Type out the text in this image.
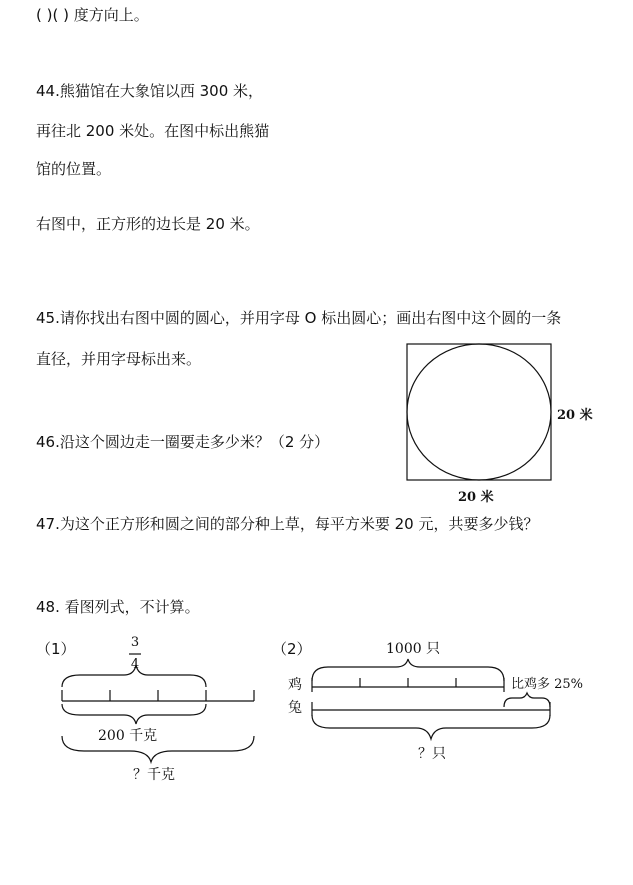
( )( ) 度方向上。
44.熊猫馆在大象馆以西 300 米，
再往北 200 米处。在图中标出熊猫
馆的位置。
右图中，正方形的边长是 20 米。
45.请你找出右图中圆的圆心，并用字母 O 标出圆心；画出右图中这个圆的一条
直径，并用字母标出来。
46.沿这个圆边走一圈要走多少米？（2 分）
20 米
20 米
47.为这个正方形和圆之间的部分种上草，每平方米要 20 元，共要多少钱？
48. 看图列式，不计算。
（1）	3
4
200 千克
？千克
（2）	1000 只
鸡
兔
比鸡多 25%
？只
